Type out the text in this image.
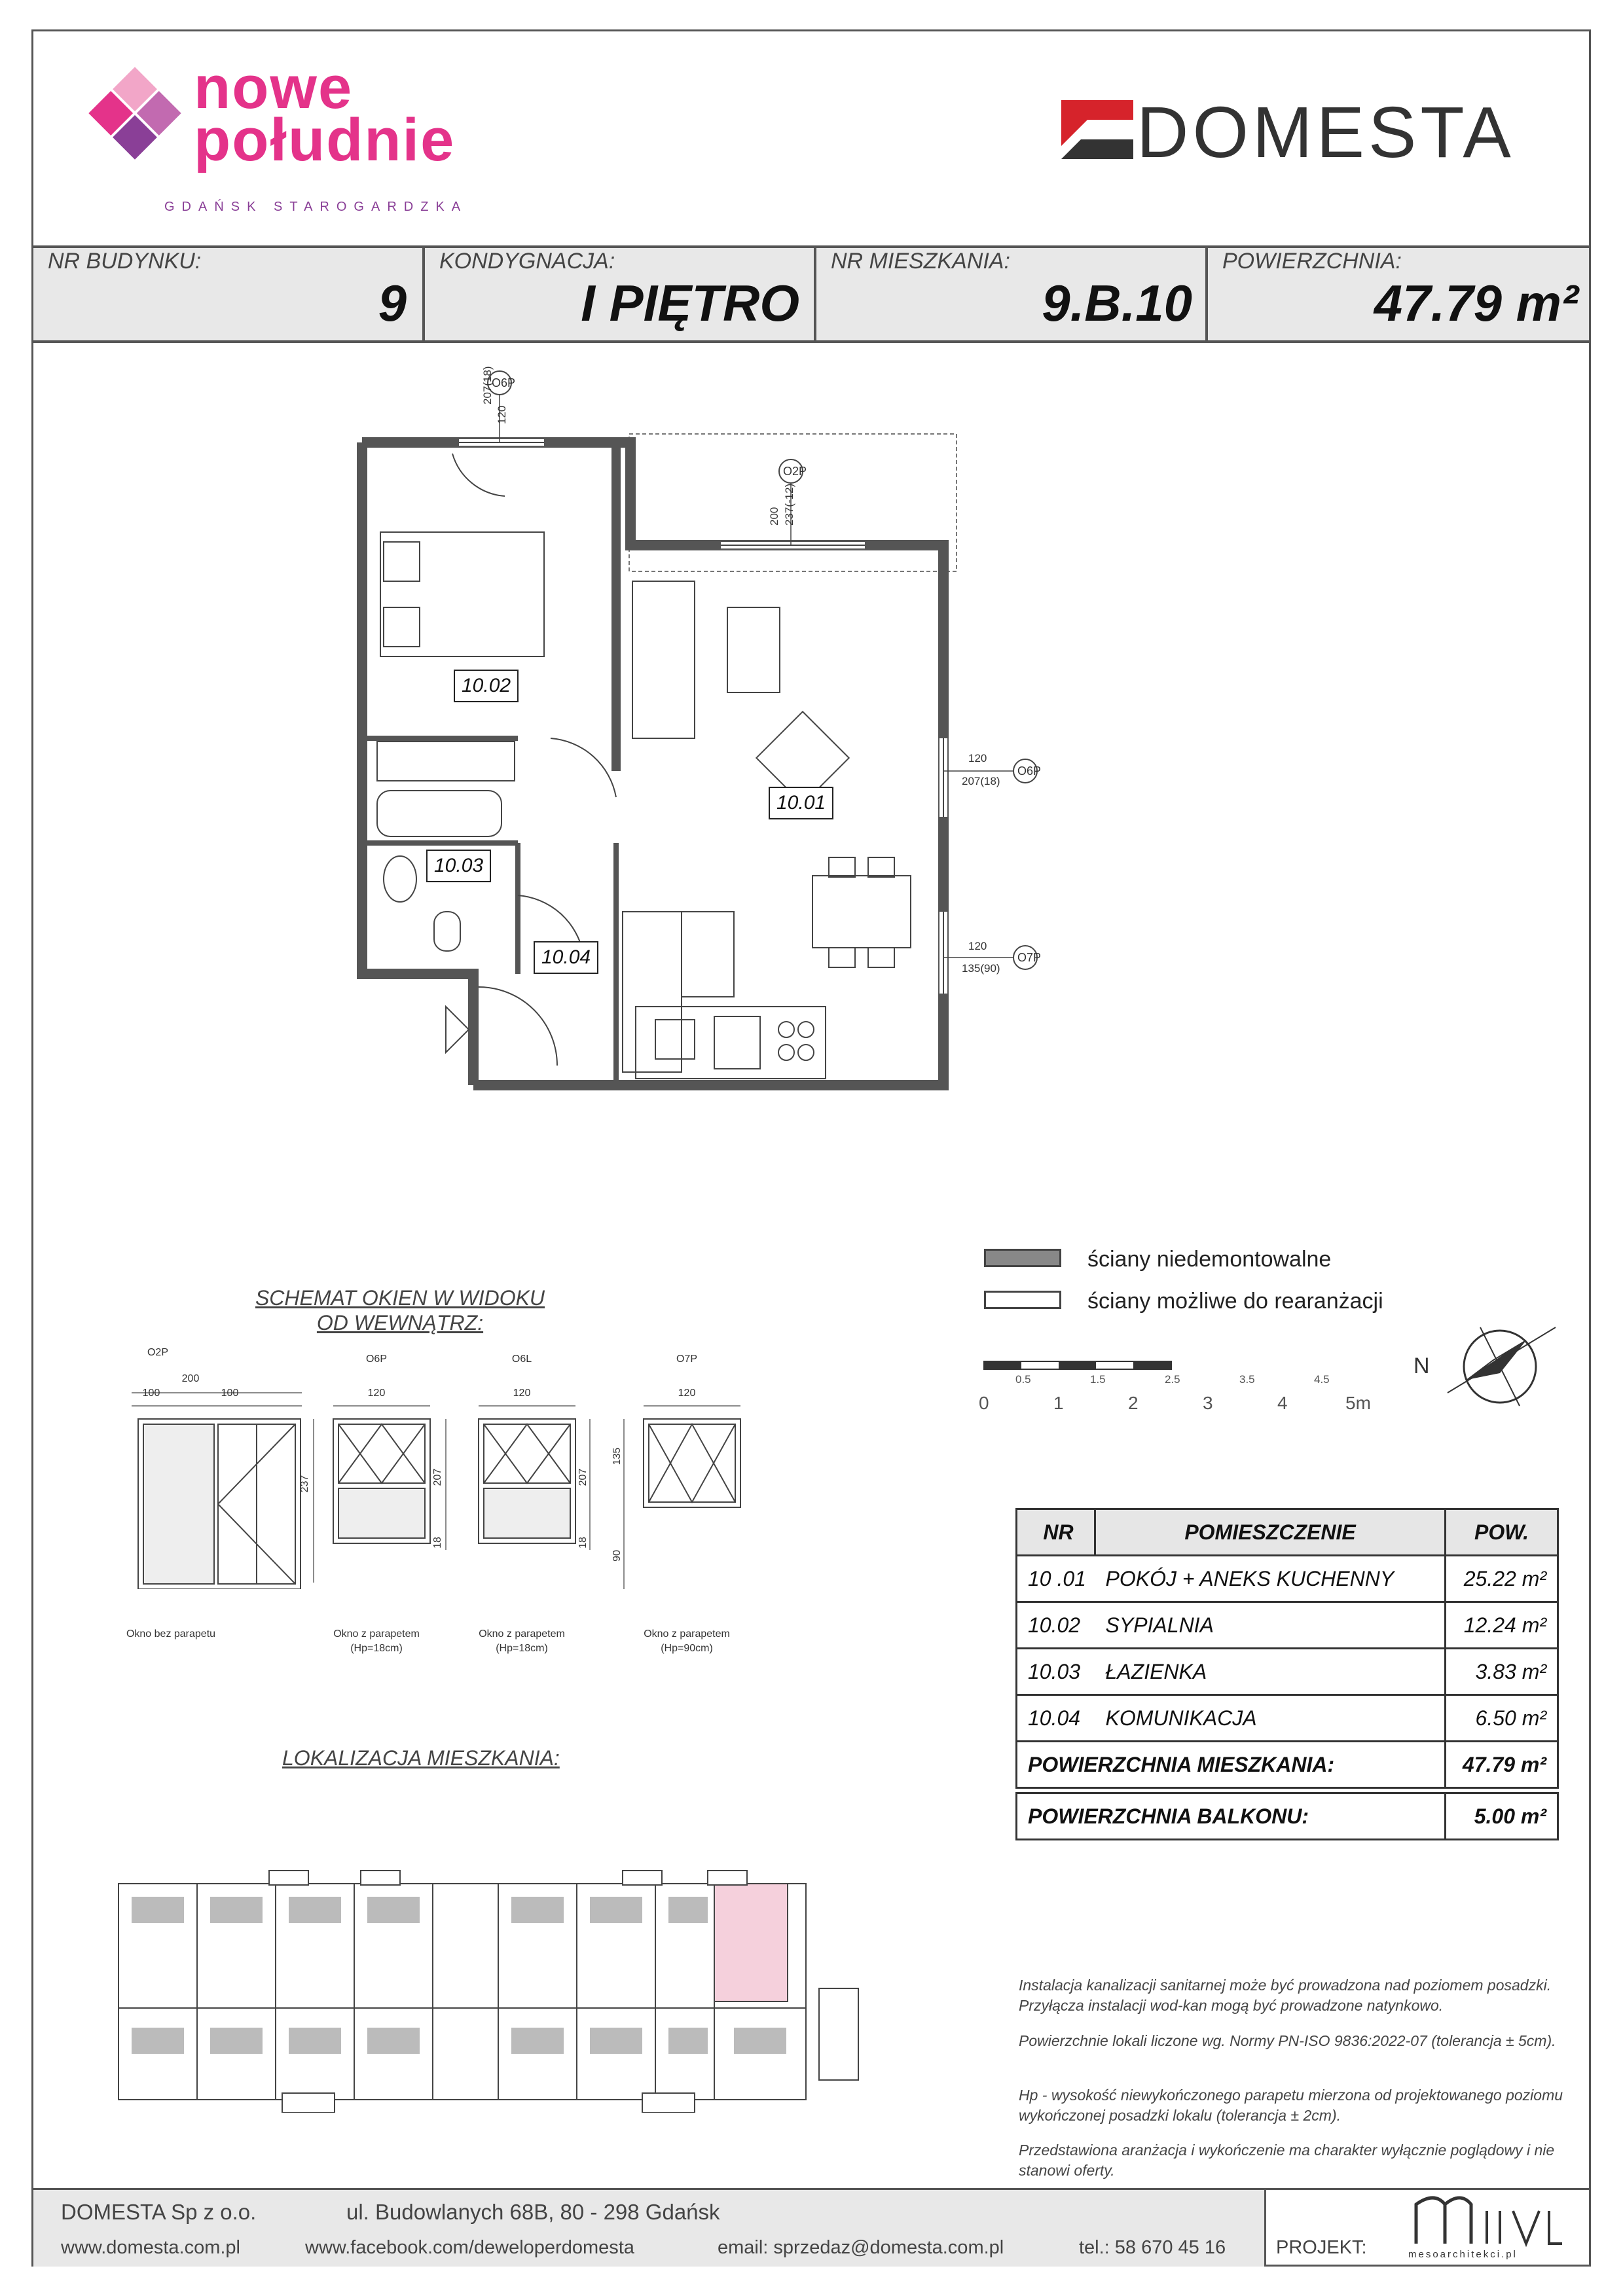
nowe
południe
GDAŃSK STAROGARDZKA
DOMESTA
NR BUDYNKU:
9
KONDYGNACJA:
I PIĘTRO
NR MIESZKANIA:
9.B.10
POWIERZCHNIA:
47.79 m²
O6P
O2P
O6P
O7P
207(18)
120
237(-12)
200
120
207(18)
120
135(90)
10.02
10.01
10.03
10.04
ściany niedemontowalne
ściany możliwe do rearanżacji
0.5	1.5	2.5	3.5	4.5
0	1	2	3	4	5m
N
SCHEMAT OKIEN W WIDOKU
OD WEWNĄTRZ:
O2P
200
100	100
237
Okno bez parapetu
O6P
120
207
18
Okno z parapetem
(Hp=18cm)
O6L
120
207
18
Okno z parapetem
(Hp=18cm)
O7P
120
135
90
Okno z parapetem
(Hp=90cm)
LOKALIZACJA MIESZKANIA:
NR	POMIESZCZENIE	POW.
10 .01	POKÓJ + ANEKS KUCHENNY	25.22 m²
10.02	SYPIALNIA	12.24 m²
10.03	ŁAZIENKA	3.83 m²
10.04	KOMUNIKACJA	6.50 m²
POWIERZCHNIA MIESZKANIA:		47.79 m²

POWIERZCHNIA BALKONU:		5.00 m²
Instalacja kanalizacji sanitarnej może być prowadzona nad poziomem posadzki. Przyłącza instalacji wod-kan mogą być prowadzone natynkowo.
Powierzchnie lokali liczone wg. Normy PN-ISO 9836:2022-07 (tolerancja ± 5cm).
Hp - wysokość niewykończonego parapetu mierzona od projektowanego poziomu wykończonej posadzki lokalu (tolerancja ± 2cm).
Przedstawiona aranżacja i wykończenie ma charakter wyłącznie poglądowy i nie stanowi oferty.
DOMESTA Sp z o.o.	ul. Budowlanych 68B, 80 - 298 Gdańsk
www.domesta.com.pl	www.facebook.com/deweloperdomesta	email: sprzedaz@domesta.com.pl	tel.: 58 670 45 16	PROJEKT:	mesoarchitekci.pl
